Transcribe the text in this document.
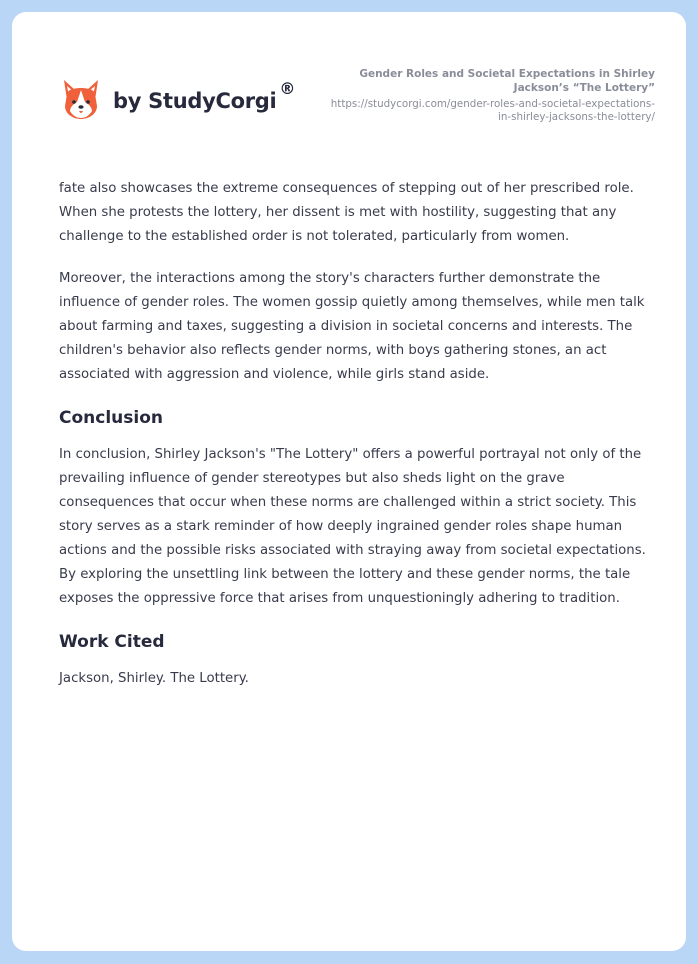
by StudyCorgi
®
Gender Roles and Societal Expectations in Shirley Jackson’s “The Lottery”
https://studycorgi.com/gender-roles-and-societal-expectations-in-shirley-jacksons-the-lottery/

fate also showcases the extreme consequences of stepping out of her prescribed role. When she protests the lottery, her dissent is met with hostility, suggesting that any challenge to the established order is not tolerated, particularly from women.

Moreover, the interactions among the story's characters further demonstrate the influence of gender roles. The women gossip quietly among themselves, while men talk about farming and taxes, suggesting a division in societal concerns and interests. The children's behavior also reflects gender norms, with boys gathering stones, an act associated with aggression and violence, while girls stand aside.

Conclusion

In conclusion, Shirley Jackson's "The Lottery" offers a powerful portrayal not only of the prevailing influence of gender stereotypes but also sheds light on the grave consequences that occur when these norms are challenged within a strict society. This story serves as a stark reminder of how deeply ingrained gender roles shape human actions and the possible risks associated with straying away from societal expectations. By exploring the unsettling link between the lottery and these gender norms, the tale exposes the oppressive force that arises from unquestioningly adhering to tradition.

Work Cited

Jackson, Shirley. The Lottery.
